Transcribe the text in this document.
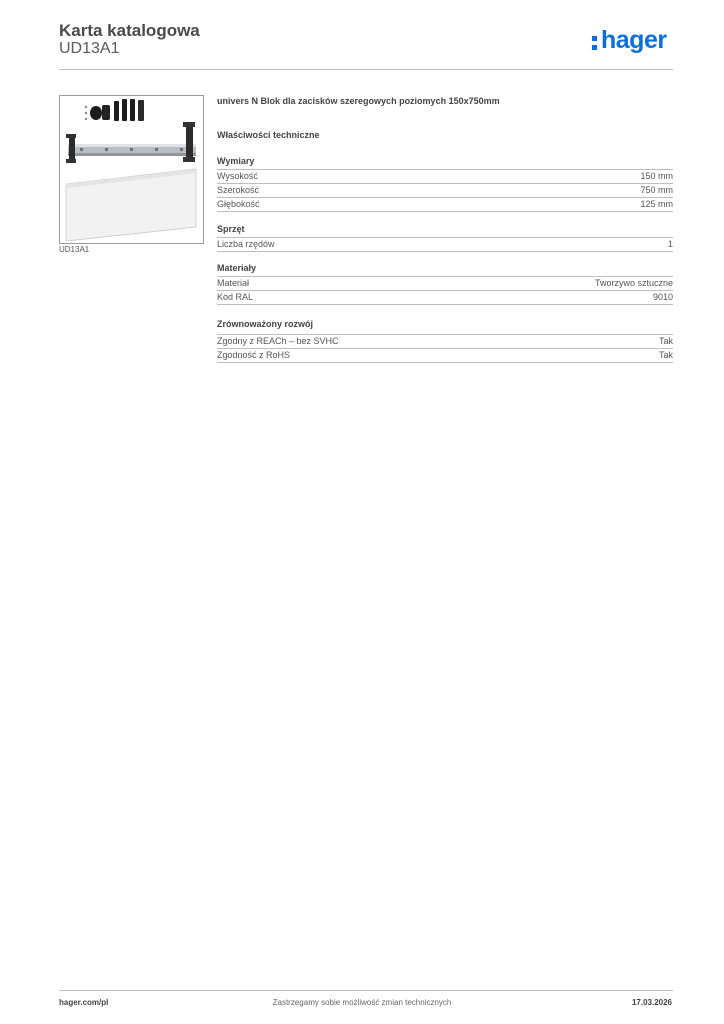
Karta katalogowa
UD13A1	hager
UD13A1
univers N Blok dla zacisków szeregowych poziomych 150x750mm
Właściwości techniczne
Wymiary
Wysokość	150 mm
Szerokość	750 mm
Głębokość	125 mm
Sprzęt
Liczba rzędów	1
Materiały
Materiał	Tworzywo sztuczne
Kod RAL	9010
Zrównoważony rozwój
Zgodny z REACh – bez SVHC	Tak
Zgodność z RoHS	Tak
hager.com/pl	Zastrzegamy sobie możliwość zmian technicznych	17.03.2026
